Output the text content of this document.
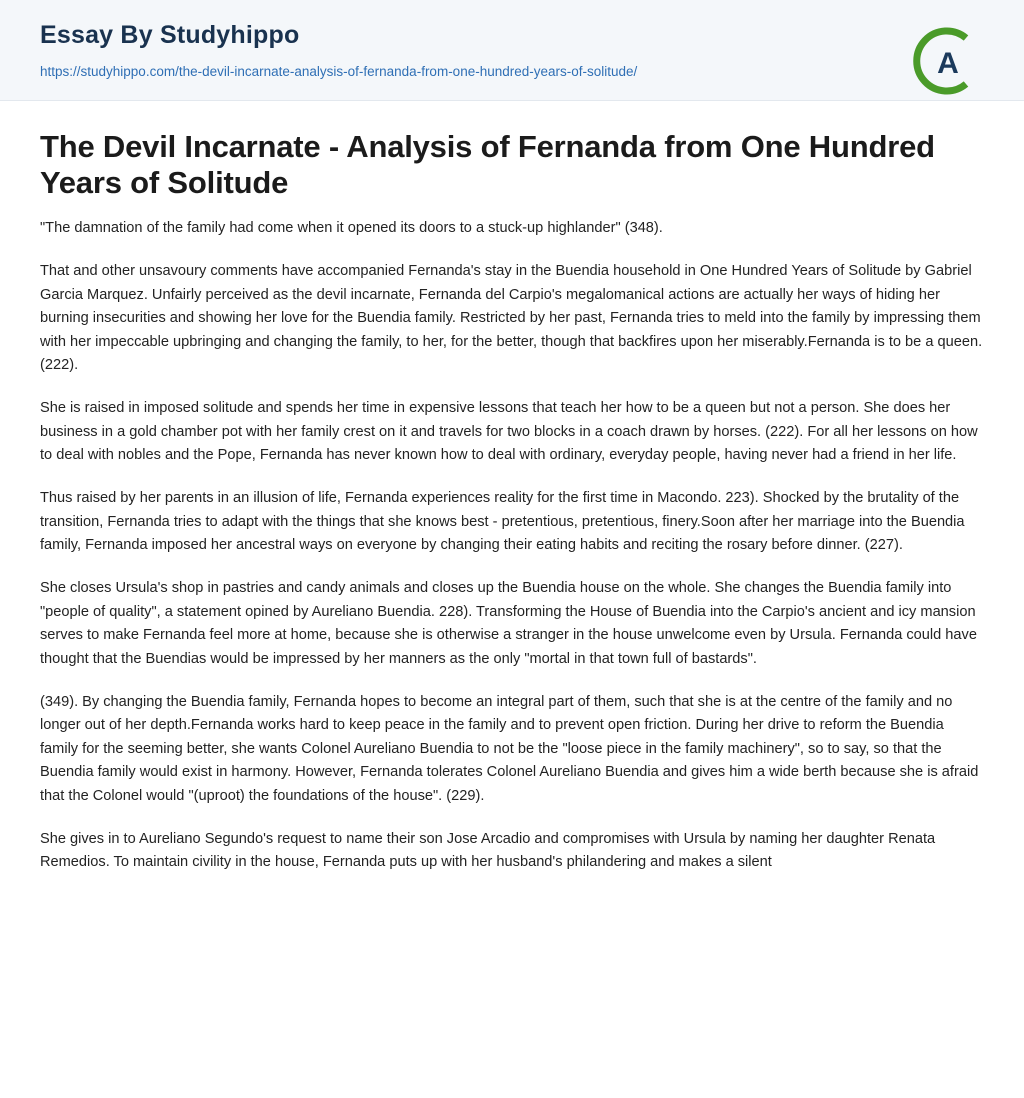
Essay By Studyhippo
https://studyhippo.com/the-devil-incarnate-analysis-of-fernanda-from-one-hundred-years-of-solitude/	A
The Devil Incarnate - Analysis of Fernanda from One Hundred Years of Solitude

"The damnation of the family had come when it opened its doors to a stuck-up highlander" (348).

That and other unsavoury comments have accompanied Fernanda's stay in the Buendia household in One Hundred Years of Solitude by Gabriel Garcia Marquez. Unfairly perceived as the devil incarnate, Fernanda del Carpio's megalomanical actions are actually her ways of hiding her burning insecurities and showing her love for the Buendia family. Restricted by her past, Fernanda tries to meld into the family by impressing them with her impeccable upbringing and changing the family, to her, for the better, though that backfires upon her miserably.Fernanda is to be a queen. (222).

She is raised in imposed solitude and spends her time in expensive lessons that teach her how to be a queen but not a person. She does her business in a gold chamber pot with her family crest on it and travels for two blocks in a coach drawn by horses. (222). For all her lessons on how to deal with nobles and the Pope, Fernanda has never known how to deal with ordinary, everyday people, having never had a friend in her life.

Thus raised by her parents in an illusion of life, Fernanda experiences reality for the first time in Macondo. 223). Shocked by the brutality of the transition, Fernanda tries to adapt with the things that she knows best - pretentious, pretentious, finery.Soon after her marriage into the Buendia family, Fernanda imposed her ancestral ways on everyone by changing their eating habits and reciting the rosary before dinner. (227).

She closes Ursula's shop in pastries and candy animals and closes up the Buendia house on the whole. She changes the Buendia family into "people of quality", a statement opined by Aureliano Buendia. 228). Transforming the House of Buendia into the Carpio's ancient and icy mansion serves to make Fernanda feel more at home, because she is otherwise a stranger in the house unwelcome even by Ursula. Fernanda could have thought that the Buendias would be impressed by her manners as the only "mortal in that town full of bastards".

(349). By changing the Buendia family, Fernanda hopes to become an integral part of them, such that she is at the centre of the family and no longer out of her depth.Fernanda works hard to keep peace in the family and to prevent open friction. During her drive to reform the Buendia family for the seeming better, she wants Colonel Aureliano Buendia to not be the "loose piece in the family machinery", so to say, so that the Buendia family would exist in harmony. However, Fernanda tolerates Colonel Aureliano Buendia and gives him a wide berth because she is afraid that the Colonel would "(uproot) the foundations of the house". (229).

She gives in to Aureliano Segundo's request to name their son Jose Arcadio and compromises with Ursula by naming her daughter Renata Remedios. To maintain civility in the house, Fernanda puts up with her husband's philandering and makes a silent
